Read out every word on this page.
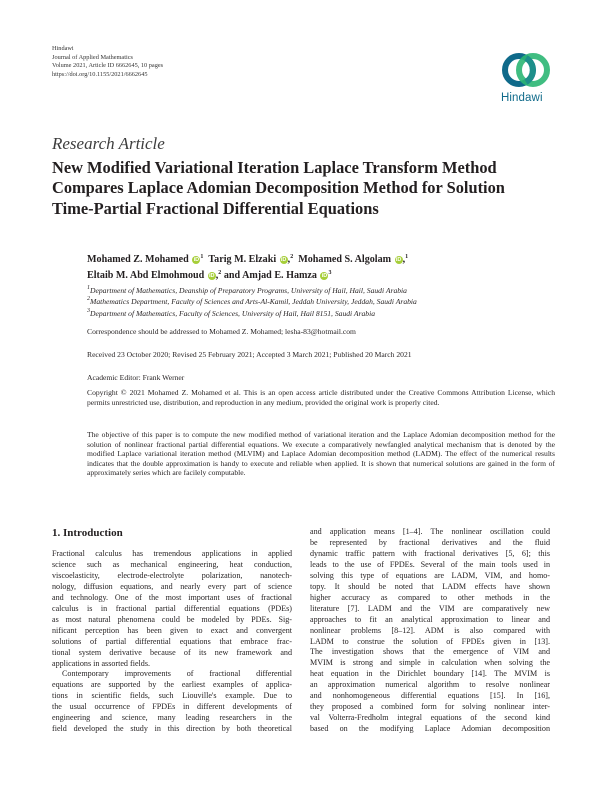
Hindawi
Journal of Applied Mathematics
Volume 2021, Article ID 6662645, 10 pages
https://doi.org/10.1155/2021/6662645
Hindawi
Research Article
New Modified Variational Iteration Laplace Transform Method
Compares Laplace Adomian Decomposition Method for Solution
Time-Partial Fractional Differential Equations
Mohamed Z. Mohamed $iD^1$ Tarig M. Elzaki iD,$^2$ Mohamed S. Algolam iD,$^1$
Eltaib M. Abd Elmohmoud iD,$^2$ and Amjad E. Hamza $iD^3$
$^1$Department of Mathematics, Deanship of Preparatory Programs, University of Hail, Hail, Saudi Arabia
$^2$Mathematics Department, Faculty of Sciences and Arts-Al-Kamil, Jeddah University, Jeddah, Saudi Arabia
$^3$Department of Mathematics, Faculty of Sciences, University of Hail, Hail 8151, Saudi Arabia
Correspondence should be addressed to Mohamed Z. Mohamed; lesha-83@hotmail.com
Received 23 October 2020; Revised 25 February 2021; Accepted 3 March 2021; Published 20 March 2021
Academic Editor: Frank Werner
Copyright © 2021 Mohamed Z. Mohamed et al. This is an open access article distributed under the Creative Commons Attribution License, which permits unrestricted use, distribution, and reproduction in any medium, provided the original work is properly cited.
The objective of this paper is to compute the new modified method of variational iteration and the Laplace Adomian decomposition method for the solution of nonlinear fractional partial differential equations. We execute a comparatively newfangled analytical mechanism that is denoted by the modified Laplace variational iteration method (MLVIM) and Laplace Adomian decomposition method (LADM). The effect of the numerical results indicates that the double approximation is handy to execute and reliable when applied. It is shown that numerical solutions are gained in the form of approximately series which are facilely computable.
1. Introduction
Fractional calculus has tremendous applications in applied
science such as mechanical engineering, heat conduction,
viscoelasticity, electrode-electrolyte polarization, nanotech-
nology, diffusion equations, and nearly every part of science
and technology. One of the most important uses of fractional
calculus is in fractional partial differential equations (PDEs)
as most natural phenomena could be modeled by PDEs. Sig-
nificant perception has been given to exact and convergent
solutions of partial differential equations that embrace frac-
tional system derivative because of its new framework and
applications in assorted fields.
Contemporary improvements of fractional differential
equations are supported by the earliest examples of applica-
tions in scientific fields, such Liouville's example. Due to
the usual occurrence of FPDEs in different developments of
engineering and science, many leading researchers in the
field developed the study in this direction by both theoretical
and application means [1–4]. The nonlinear oscillation could
be represented by fractional derivatives and the fluid
dynamic traffic pattern with fractional derivatives [5, 6]; this
leads to the use of FPDEs. Several of the main tools used in
solving this type of equations are LADM, VIM, and homo-
topy. It should be noted that LADM effects have shown
higher accuracy as compared to other methods in the
literature [7]. LADM and the VIM are comparatively new
approaches to fit an analytical approximation to linear and
nonlinear problems [8–12]. ADM is also compared with
LADM to construe the solution of FPDEs given in [13].
The investigation shows that the emergence of VIM and
MVIM is strong and simple in calculation when solving the
heat equation in the Dirichlet boundary [14]. The MVIM is
an approximation numerical algorithm to resolve nonlinear
and nonhomogeneous differential equations [15]. In [16],
they proposed a combined form for solving nonlinear inter-
val Volterra-Fredholm integral equations of the second kind
based on the modifying Laplace Adomian decomposition
